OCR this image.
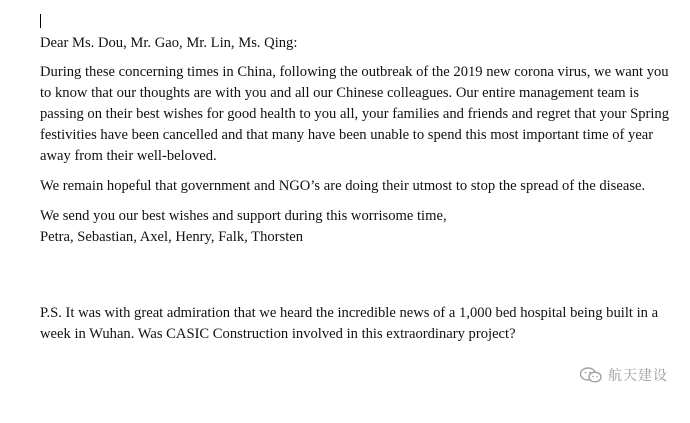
Dear Ms. Dou, Mr. Gao, Mr. Lin, Ms. Qing:

During these concerning times in China, following the outbreak of the 2019 new corona virus, we want you to know that our thoughts are with you and all our Chinese colleagues. Our entire management team is passing on their best wishes for good health to you all, your families and friends and regret that your Spring festivities have been cancelled and that many have been unable to spend this most important time of year away from their well-beloved.

We remain hopeful that government and NGO’s are doing their utmost to stop the spread of the disease.

We send you our best wishes and support during this worrisome time,

Petra, Sebastian, Axel, Henry, Falk, Thorsten

P.S. It was with great admiration that we heard the incredible news of a 1,000 bed hospital being built in a week in Wuhan. Was CASIC Construction involved in this extraordinary project?

航天建设
